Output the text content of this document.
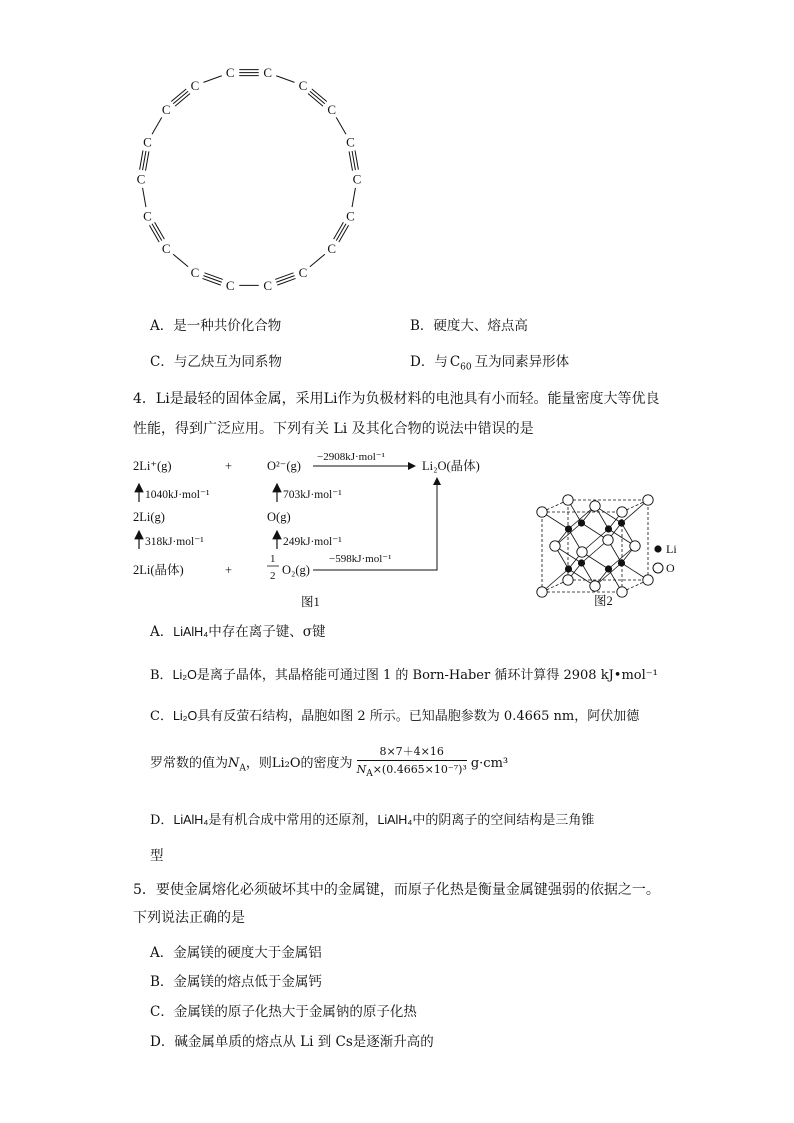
C C
C
C
C
C
C
C
C
C
C
C
C
C
C
C
C
C
A．是一种共价化合物	B．硬度大、熔点高
C．与乙炔互为同系物	D．与 $C_{60}$ 互为同素异形体
4．Li是最轻的固体金属，采用Li作为负极材料的电池具有小而轻。能量密度大等优良
性能，得到广泛应用。下列有关 Li 及其化合物的说法中错误的是
2Li⁺(g)	+	O²⁻(g)
−2908kJ·mol⁻¹
Li₂O(晶体)
1040kJ·mol⁻¹	703kJ·mol⁻¹
2Li(g)	O(g)
318kJ·mol⁻¹	249kJ·mol⁻¹
2Li(晶体)	+
1
2 O₂(g)
−598kJ·mol⁻¹
图1
Li
O
图2
A．LiAlH₄中存在离子键、σ键
B．Li₂O是离子晶体，其晶格能可通过图 1 的 Born-Haber 循环计算得 2908 kJ•mol⁻¹
C．Li₂O具有反萤石结构，晶胞如图 2 所示。已知晶胞参数为 0.4665 nm，阿伏加德
罗常数的值为$N_A$，则Li₂O的密度为 $\frac{8\times 7+4\times 16}{N_A\times(0.4665\times 10^{-7})^3} g\cdot cm^3$
D．LiAlH₄是有机合成中常用的还原剂，LiAlH₄中的阴离子的空间结构是三角锥
型
5．要使金属熔化必须破坏其中的金属键，而原子化热是衡量金属键强弱的依据之一。
下列说法正确的是
A．金属镁的硬度大于金属铝
B．金属镁的熔点低于金属钙
C．金属镁的原子化热大于金属钠的原子化热
D．碱金属单质的熔点从 Li 到 Cs是逐渐升高的
